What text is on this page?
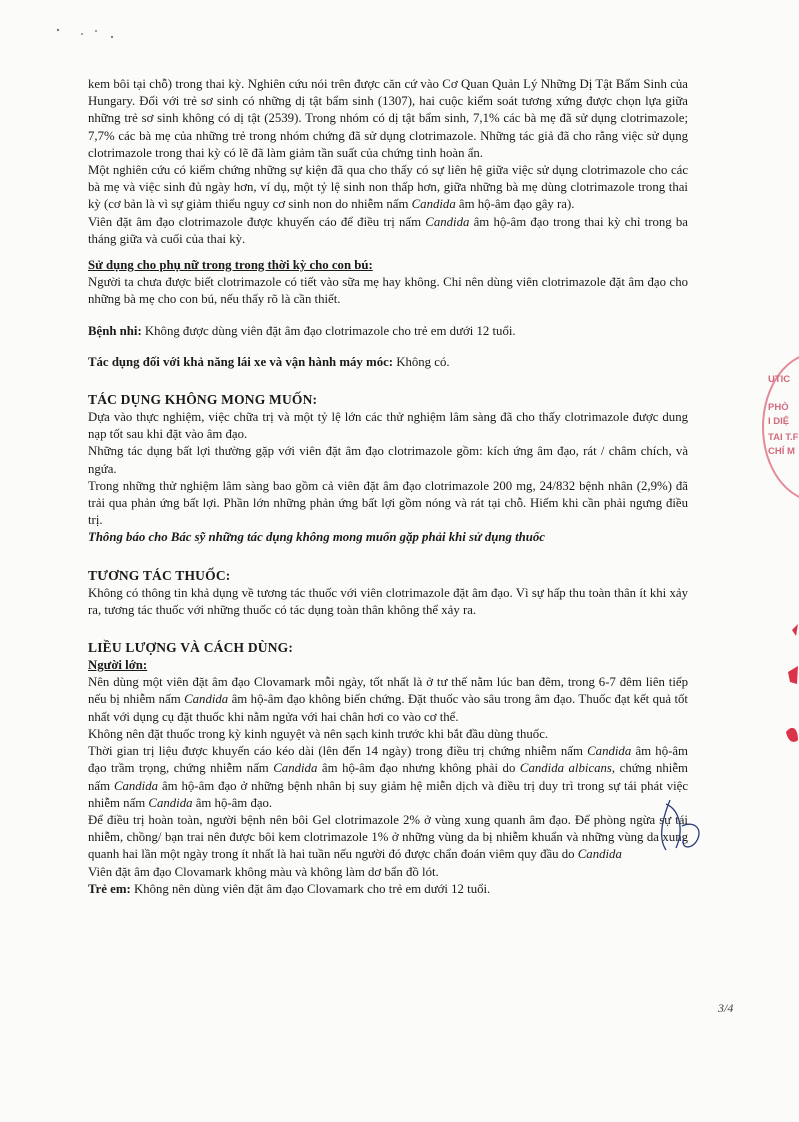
kem bôi tại chỗ) trong thai kỳ. Nghiên cứu nói trên được căn cứ vào Cơ Quan Quản Lý Những Dị Tật Bẩm Sinh của Hungary. Đối với trẻ sơ sinh có những dị tật bẩm sinh (1307), hai cuộc kiểm soát tương xứng được chọn lựa giữa những trẻ sơ sinh không có dị tật (2539). Trong nhóm có dị tật bẩm sinh, 7,1% các bà mẹ đã sử dụng clotrimazole; 7,7% các bà mẹ của những trẻ trong nhóm chứng đã sử dụng clotrimazole. Những tác giả đã cho rằng việc sử dụng clotrimazole trong thai kỳ có lẽ đã làm giảm tần suất của chứng tinh hoàn ẩn.

Một nghiên cứu có kiểm chứng những sự kiện đã qua cho thấy có sự liên hệ giữa việc sử dụng clotrimazole cho các bà mẹ và việc sinh đủ ngày hơn, ví dụ, một tỷ lệ sinh non thấp hơn, giữa những bà mẹ dùng clotrimazole trong thai kỳ (cơ bản là vì sự giảm thiểu nguy cơ sinh non do nhiễm nấm Candida âm hộ-âm đạo gây ra).

Viên đặt âm đạo clotrimazole được khuyến cáo để điều trị nấm Candida âm hộ-âm đạo trong thai kỳ chỉ trong ba tháng giữa và cuối của thai kỳ.

Sử dụng cho phụ nữ trong trong thời kỳ cho con bú:

Người ta chưa được biết clotrimazole có tiết vào sữa mẹ hay không. Chỉ nên dùng viên clotrimazole đặt âm đạo cho những bà mẹ cho con bú, nếu thấy rõ là cần thiết.

Bệnh nhi: Không được dùng viên đặt âm đạo clotrimazole cho trẻ em dưới 12 tuổi.

Tác dụng đối với khả năng lái xe và vận hành máy móc: Không có.

TÁC DỤNG KHÔNG MONG MUỐN:

Dựa vào thực nghiệm, việc chữa trị và một tỷ lệ lớn các thử nghiệm lâm sàng đã cho thấy clotrimazole được dung nạp tốt sau khi đặt vào âm đạo.

Những tác dụng bất lợi thường gặp với viên đặt âm đạo clotrimazole gồm: kích ứng âm đạo, rát / châm chích, và ngứa.

Trong những thử nghiệm lâm sàng bao gồm cả viên đặt âm đạo clotrimazole 200 mg, 24/832 bệnh nhân (2,9%) đã trải qua phản ứng bất lợi. Phần lớn những phản ứng bất lợi gồm nóng và rát tại chỗ. Hiếm khi cần phải ngưng điều trị.

Thông báo cho Bác sỹ những tác dụng không mong muốn gặp phải khi sử dụng thuốc

TƯƠNG TÁC THUỐC:

Không có thông tin khả dụng về tương tác thuốc với viên clotrimazole đặt âm đạo. Vì sự hấp thu toàn thân ít khi xảy ra, tương tác thuốc với những thuốc có tác dụng toàn thân không thể xảy ra.

LIỀU LƯỢNG VÀ CÁCH DÙNG:

Người lớn:

Nên dùng một viên đặt âm đạo Clovamark mỗi ngày, tốt nhất là ở tư thế nằm lúc ban đêm, trong 6-7 đêm liên tiếp nếu bị nhiễm nấm Candida âm hộ-âm đạo không biến chứng. Đặt thuốc vào sâu trong âm đạo. Thuốc đạt kết quả tốt nhất với dụng cụ đặt thuốc khi nằm ngửa với hai chân hơi co vào cơ thể.

Không nên đặt thuốc trong kỳ kinh nguyệt và nên sạch kinh trước khi bắt đầu dùng thuốc.

Thời gian trị liệu được khuyến cáo kéo dài (lên đến 14 ngày) trong điều trị chứng nhiễm nấm Candida âm hộ-âm đạo trầm trọng, chứng nhiễm nấm Candida âm hộ-âm đạo nhưng không phải do Candida albicans, chứng nhiễm nấm Candida âm hộ-âm đạo ở những bệnh nhân bị suy giảm hệ miễn dịch và điều trị duy trì trong sự tái phát việc nhiễm nấm Candida âm hộ-âm đạo.

Để điều trị hoàn toàn, người bệnh nên bôi Gel clotrimazole 2% ở vùng xung quanh âm đạo. Để phòng ngừa sự tái nhiễm, chồng/ bạn trai nên được bôi kem clotrimazole 1% ở những vùng da bị nhiễm khuẩn và những vùng da xung quanh hai lần một ngày trong ít nhất là hai tuần nếu người đó được chẩn đoán viêm quy đầu do Candida

Viên đặt âm đạo Clovamark không màu và không làm dơ bẩn đồ lót.

Trẻ em: Không nên dùng viên đặt âm đạo Clovamark cho trẻ em dưới 12 tuổi.

3/4
UTIC
PHÒ
I DIỆ
TAI T.F
CHÍ M
